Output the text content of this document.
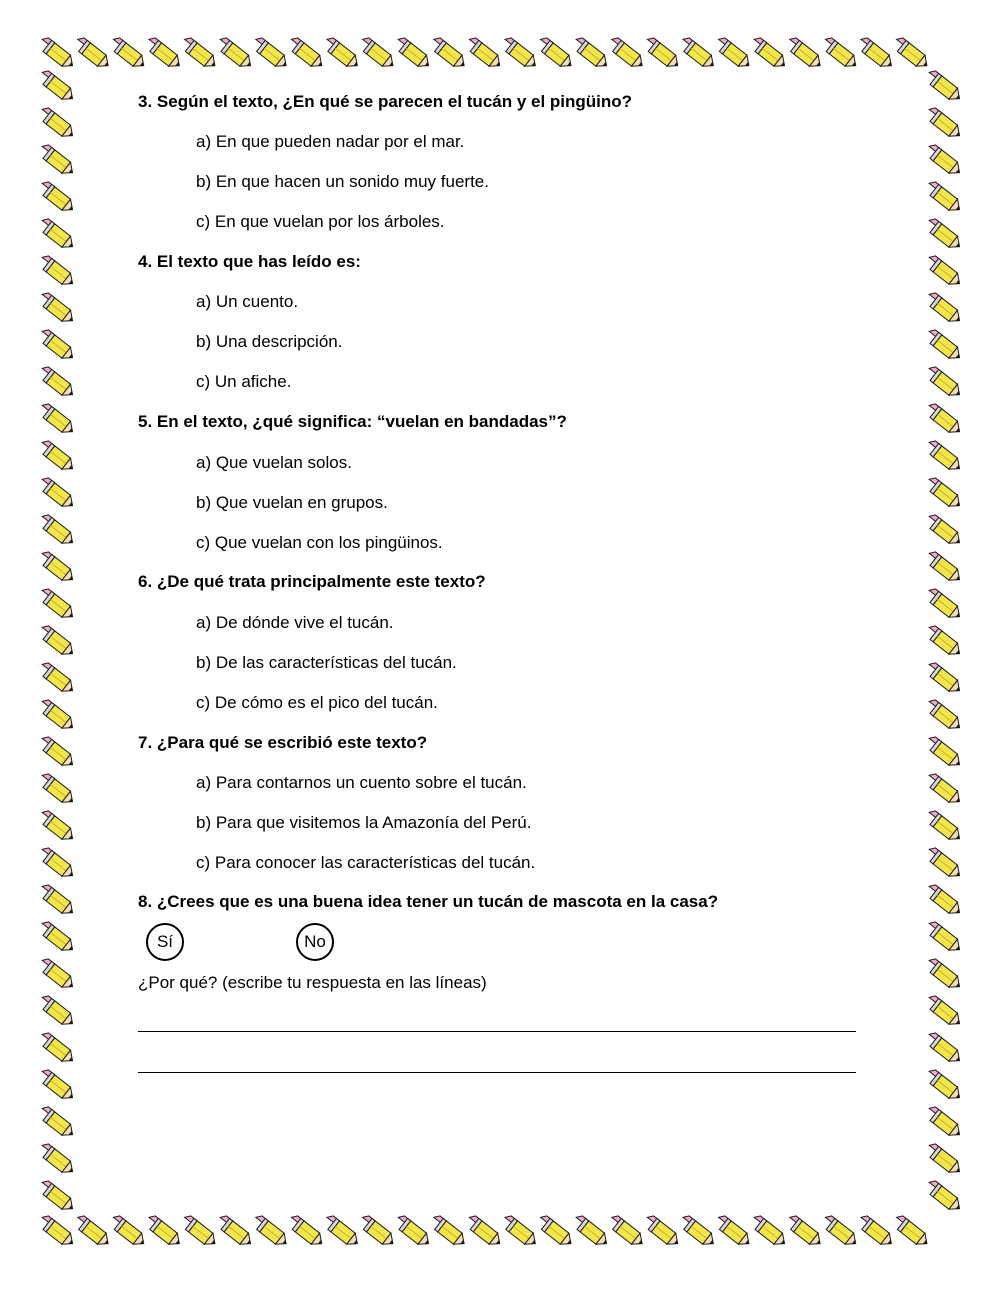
3. Según el texto, ¿En qué se parecen el tucán y el pingüino?
a) En que pueden nadar por el mar.
b) En que hacen un sonido muy fuerte.
c) En que vuelan por los árboles.
4. El texto que has leído es:
a) Un cuento.
b) Una descripción.
c) Un afiche.
5. En el texto, ¿qué significa: “vuelan en bandadas”?
a) Que vuelan solos.
b) Que vuelan en grupos.
c) Que vuelan con los pingüinos.
6. ¿De qué trata principalmente este texto?
a) De dónde vive el tucán.
b) De las características del tucán.
c) De cómo es el pico del tucán.
7. ¿Para qué se escribió este texto?
a) Para contarnos un cuento sobre el tucán.
b) Para que visitemos la Amazonía del Perú.
c) Para conocer las características del tucán.
8. ¿Crees que es una buena idea tener un tucán de mascota en la casa?
Sí	No
¿Por qué? (escribe tu respuesta en las líneas)
